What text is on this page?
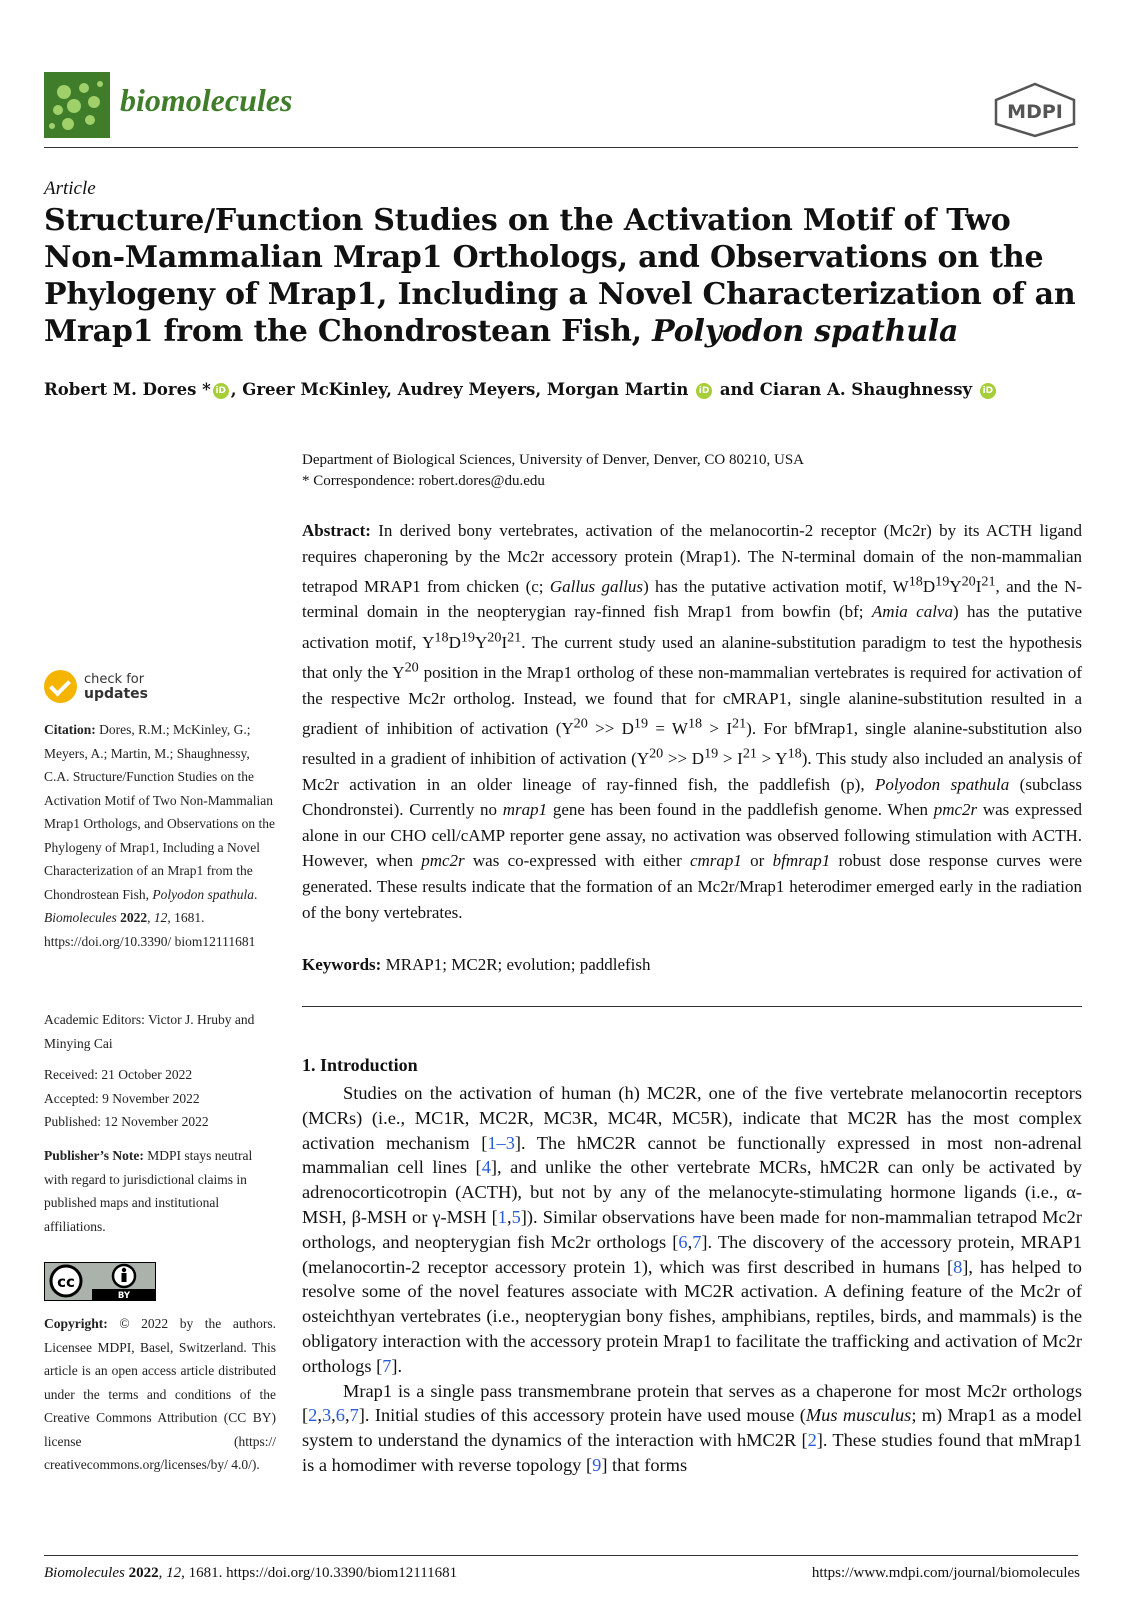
biomolecules	MDPI
Article
Structure/Function Studies on the Activation Motif of Two Non-Mammalian Mrap1 Orthologs, and Observations on the Phylogeny of Mrap1, Including a Novel Characterization of an Mrap1 from the Chondrostean Fish, Polyodon spathula
Robert M. Dores * iD , Greer McKinley, Audrey Meyers, Morgan Martin iD and Ciaran A. Shaughnessy iD
Department of Biological Sciences, University of Denver, Denver, CO 80210, USA
* Correspondence: robert.dores@du.edu
Abstract: In derived bony vertebrates, activation of the melanocortin-2 receptor (Mc2r) by its ACTH ligand requires chaperoning by the Mc2r accessory protein (Mrap1). The N-terminal domain of the non-mammalian tetrapod MRAP1 from chicken (c; Gallus gallus) has the putative activation motif, $W^{18}D^{19}Y^{20}I^{21}$, and the N-terminal domain in the neopterygian ray-finned fish Mrap1 from bowfin (bf; Amia calva) has the putative activation motif, $Y^{18}D^{19}Y^{20}I^{21}$. The current study used an alanine-substitution paradigm to test the hypothesis that only the $Y^{20}$ position in the Mrap1 ortholog of these non-mammalian vertebrates is required for activation of the respective Mc2r ortholog. Instead, we found that for cMRAP1, single alanine-substitution resulted in a gradient of inhibition of activation $(Y^{20} >> D^{19} = W^{18} > I^{21})$. For bfMrap1, single alanine-substitution also resulted in a gradient of inhibition of activation $(Y^{20} >> D^{19} > I^{21} > Y^{18})$. This study also included an analysis of Mc2r activation in an older lineage of ray-finned fish, the paddlefish (p), Polyodon spathula (subclass Chondronstei). Currently no mrap1 gene has been found in the paddlefish genome. When pmc2r was expressed alone in our CHO cell/cAMP reporter gene assay, no activation was observed following stimulation with ACTH. However, when pmc2r was co-expressed with either cmrap1 or bfmrap1 robust dose response curves were generated. These results indicate that the formation of an Mc2r/Mrap1 heterodimer emerged early in the radiation of the bony vertebrates.
Keywords: MRAP1; MC2R; evolution; paddlefish
1. Introduction

Studies on the activation of human (h) MC2R, one of the five vertebrate melanocortin receptors (MCRs) (i.e., MC1R, MC2R, MC3R, MC4R, MC5R), indicate that MC2R has the most complex activation mechanism [1–3]. The hMC2R cannot be functionally expressed in most non-adrenal mammalian cell lines [4], and unlike the other vertebrate MCRs, hMC2R can only be activated by adrenocorticotropin (ACTH), but not by any of the melanocyte-stimulating hormone ligands (i.e., α-MSH, β-MSH or γ-MSH [1,5]). Similar observations have been made for non-mammalian tetrapod Mc2r orthologs, and neopterygian fish Mc2r orthologs [6,7]. The discovery of the accessory protein, MRAP1 (melanocortin-2 receptor accessory protein 1), which was first described in humans [8], has helped to resolve some of the novel features associate with MC2R activation. A defining feature of the Mc2r of osteichthyan vertebrates (i.e., neopterygian bony fishes, amphibians, reptiles, birds, and mammals) is the obligatory interaction with the accessory protein Mrap1 to facilitate the trafficking and activation of Mc2r orthologs [7].

Mrap1 is a single pass transmembrane protein that serves as a chaperone for most Mc2r orthologs [2,3,6,7]. Initial studies of this accessory protein have used mouse (Mus musculus; m) Mrap1 as a model system to understand the dynamics of the interaction with hMC2R [2]. These studies found that mMrap1 is a homodimer with reverse topology [9] that forms

check for
updates
Citation: Dores, R.M.; McKinley, G.; Meyers, A.; Martin, M.; Shaughnessy, C.A. Structure/Function Studies on the Activation Motif of Two Non-Mammalian Mrap1 Orthologs, and Observations on the Phylogeny of Mrap1, Including a Novel Characterization of an Mrap1 from the Chondrostean Fish, Polyodon spathula. Biomolecules 2022, 12, 1681. https://doi.org/10.3390/ biom12111681
Academic Editors: Victor J. Hruby and Minying Cai
Received: 21 October 2022
Accepted: 9 November 2022
Published: 12 November 2022
Publisher’s Note: MDPI stays neutral with regard to jurisdictional claims in published maps and institutional affiliations.
cc
BY
Copyright: © 2022 by the authors. Licensee MDPI, Basel, Switzerland. This article is an open access article distributed under the terms and conditions of the Creative Commons Attribution (CC BY) license (https:// creativecommons.org/licenses/by/ 4.0/).
Biomolecules 2022, 12, 1681. https://doi.org/10.3390/biom12111681	https://www.mdpi.com/journal/biomolecules
